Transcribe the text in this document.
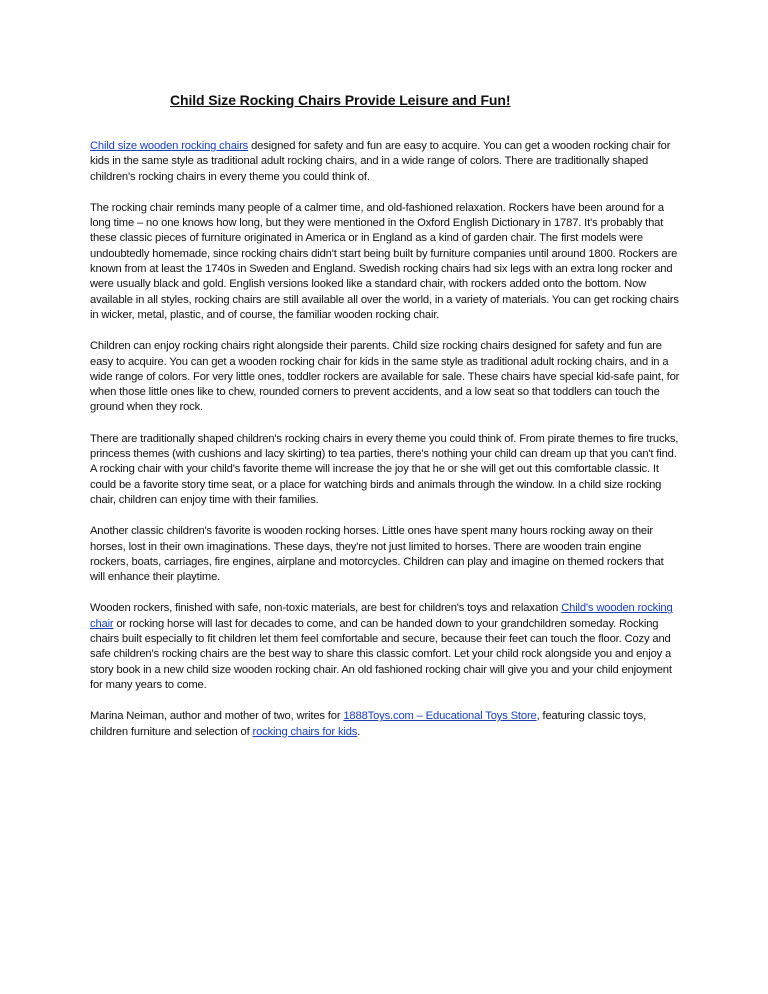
Child Size Rocking Chairs Provide Leisure and Fun!

Child size wooden rocking chairs designed for safety and fun are easy to acquire. You can get a wooden rocking chair for kids in the same style as traditional adult rocking chairs, and in a wide range of colors. There are traditionally shaped children's rocking chairs in every theme you could think of.

The rocking chair reminds many people of a calmer time, and old-fashioned relaxation. Rockers have been around for a long time – no one knows how long, but they were mentioned in the Oxford English Dictionary in 1787. It's probably that these classic pieces of furniture originated in America or in England as a kind of garden chair. The first models were undoubtedly homemade, since rocking chairs didn't start being built by furniture companies until around 1800. Rockers are known from at least the 1740s in Sweden and England. Swedish rocking chairs had six legs with an extra long rocker and were usually black and gold. English versions looked like a standard chair, with rockers added onto the bottom. Now available in all styles, rocking chairs are still available all over the world, in a variety of materials. You can get rocking chairs in wicker, metal, plastic, and of course, the familiar wooden rocking chair.

Children can enjoy rocking chairs right alongside their parents. Child size rocking chairs designed for safety and fun are easy to acquire. You can get a wooden rocking chair for kids in the same style as traditional adult rocking chairs, and in a wide range of colors. For very little ones, toddler rockers are available for sale. These chairs have special kid-safe paint, for when those little ones like to chew, rounded corners to prevent accidents, and a low seat so that toddlers can touch the ground when they rock.

There are traditionally shaped children's rocking chairs in every theme you could think of. From pirate themes to fire trucks, princess themes (with cushions and lacy skirting) to tea parties, there's nothing your child can dream up that you can't find. A rocking chair with your child's favorite theme will increase the joy that he or she will get out this comfortable classic. It could be a favorite story time seat, or a place for watching birds and animals through the window. In a child size rocking chair, children can enjoy time with their families.

Another classic children's favorite is wooden rocking horses. Little ones have spent many hours rocking away on their horses, lost in their own imaginations. These days, they're not just limited to horses. There are wooden train engine rockers, boats, carriages, fire engines, airplane and motorcycles. Children can play and imagine on themed rockers that will enhance their playtime.

Wooden rockers, finished with safe, non-toxic materials, are best for children's toys and relaxation Child's wooden rocking chair or rocking horse will last for decades to come, and can be handed down to your grandchildren someday. Rocking chairs built especially to fit children let them feel comfortable and secure, because their feet can touch the floor. Cozy and safe children's rocking chairs are the best way to share this classic comfort. Let your child rock alongside you and enjoy a story book in a new child size wooden rocking chair. An old fashioned rocking chair will give you and your child enjoyment for many years to come.

Marina Neiman, author and mother of two, writes for 1888Toys.com – Educational Toys Store, featuring classic toys, children furniture and selection of rocking chairs for kids.
